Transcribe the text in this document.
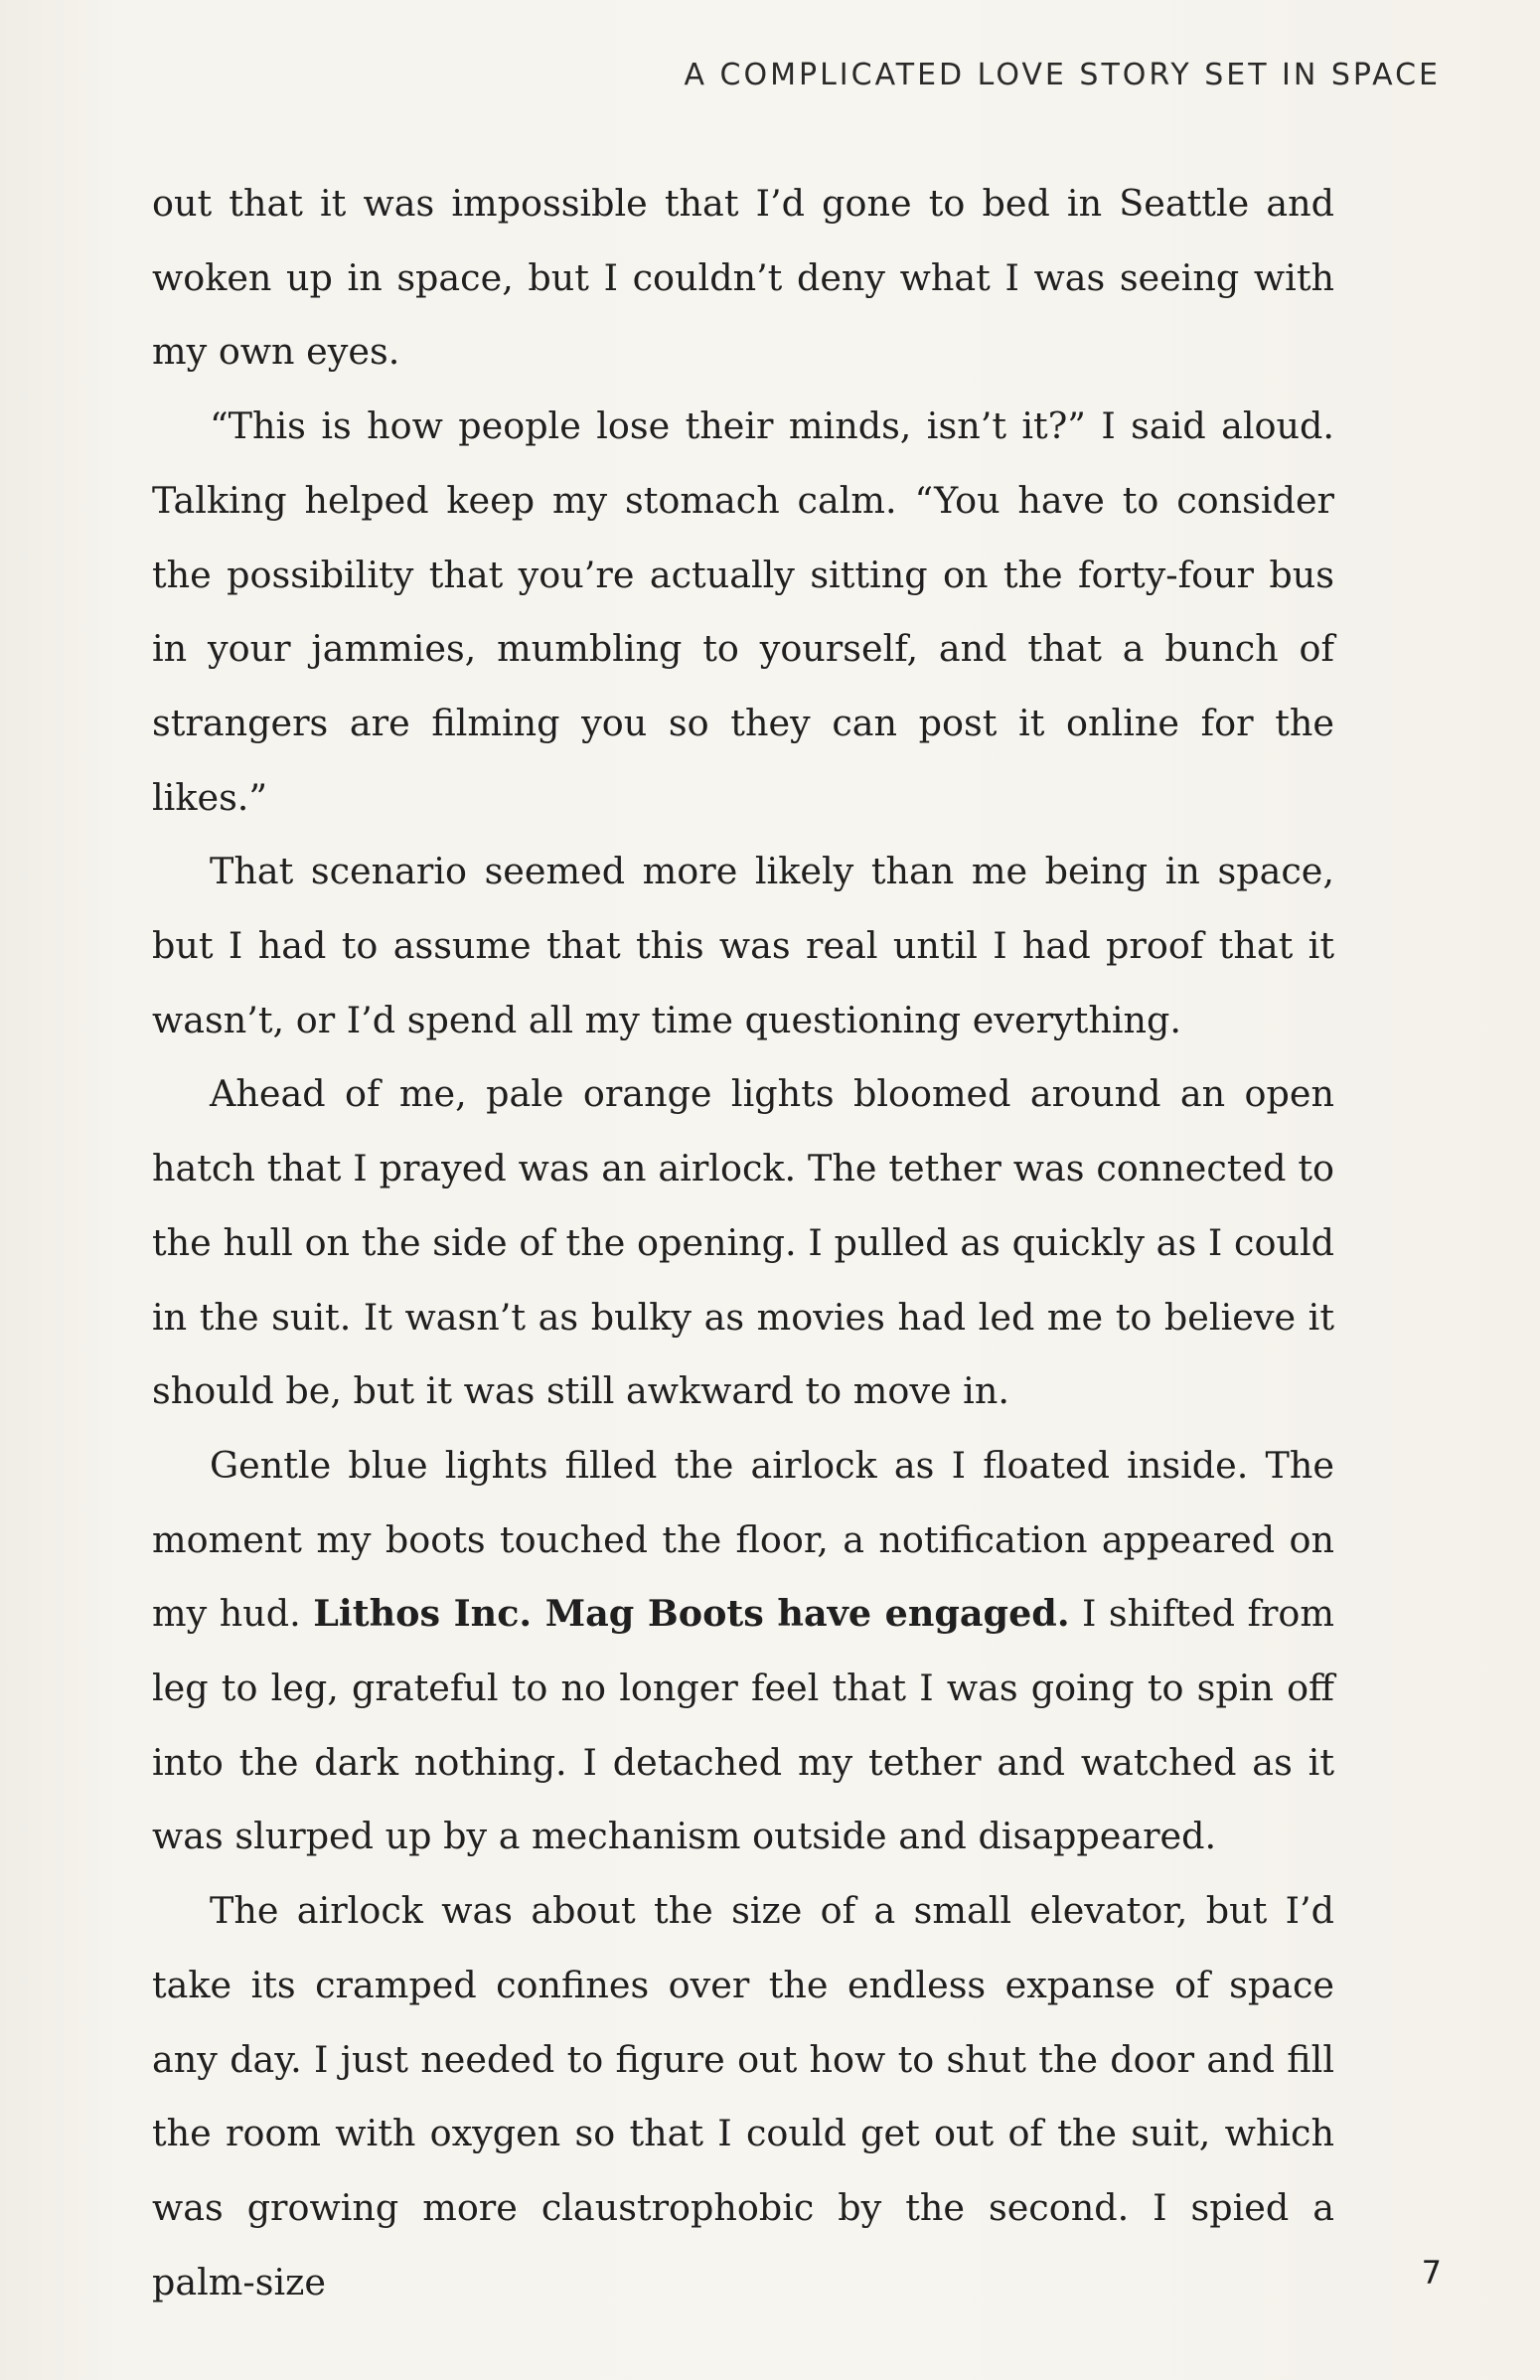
A COMPLICATED LOVE STORY SET IN SPACE

out that it was impossible that I’d gone to bed in Seattle and woken up in space, but I couldn’t deny what I was seeing with my own eyes.

“This is how people lose their minds, isn’t it?” I said aloud. Talking helped keep my stomach calm. “You have to consider the possibility that you’re actually sitting on the forty-four bus in your jammies, mumbling to yourself, and that a bunch of strangers are filming you so they can post it online for the likes.”

That scenario seemed more likely than me being in space, but I had to assume that this was real until I had proof that it wasn’t, or I’d spend all my time questioning everything.

Ahead of me, pale orange lights bloomed around an open hatch that I prayed was an airlock. The tether was connected to the hull on the side of the opening. I pulled as quickly as I could in the suit. It wasn’t as bulky as movies had led me to believe it should be, but it was still awkward to move in.

Gentle blue lights filled the airlock as I floated inside. The moment my boots touched the floor, a notification appeared on my hud. Lithos Inc. Mag Boots have engaged. I shifted from leg to leg, grateful to no longer feel that I was going to spin off into the dark nothing. I detached my tether and watched as it was slurped up by a mechanism outside and disappeared.

The airlock was about the size of a small elevator, but I’d take its cramped confines over the endless expanse of space any day. I just needed to figure out how to shut the door and fill the room with oxygen so that I could get out of the suit, which was growing more claustrophobic by the second. I spied a palm-size	7
